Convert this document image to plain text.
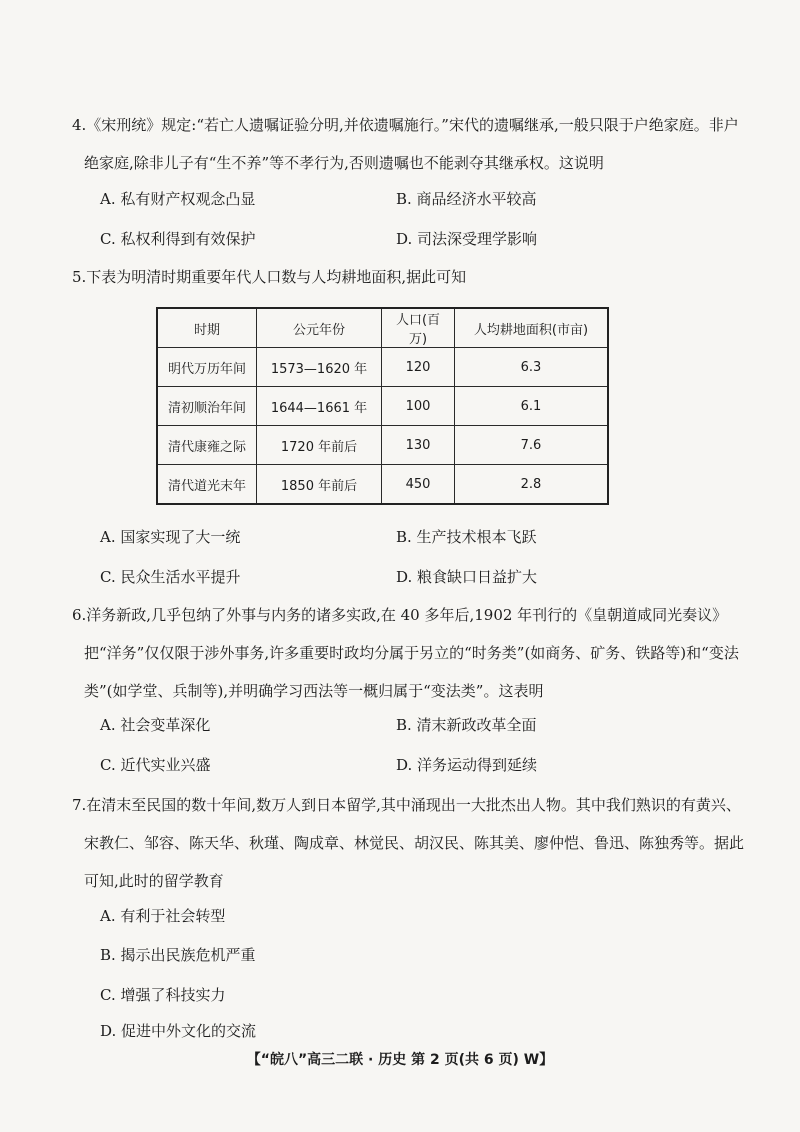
4.《宋刑统》规定:“若亡人遗嘱证验分明,并依遗嘱施行。”宋代的遗嘱继承,一般只限于户绝家庭。非户绝家庭,除非儿子有“生不养”等不孝行为,否则遗嘱也不能剥夺其继承权。这说明
A. 私有财产权观念凸显	B. 商品经济水平较高
C. 私权利得到有效保护	D. 司法深受理学影响
5.下表为明清时期重要年代人口数与人均耕地面积,据此可知
时期	公元年份	人口(百万)	人均耕地面积(市亩)
明代万历年间	1573—1620 年	120	6.3
清初顺治年间	1644—1661 年	100	6.1
清代康雍之际	1720 年前后	130	7.6
清代道光末年	1850 年前后	450	2.8
A. 国家实现了大一统	B. 生产技术根本飞跃
C. 民众生活水平提升	D. 粮食缺口日益扩大
6.洋务新政,几乎包纳了外事与内务的诸多实政,在 40 多年后,1902 年刊行的《皇朝道咸同光奏议》把“洋务”仅仅限于涉外事务,许多重要时政均分属于另立的“时务类”(如商务、矿务、铁路等)和“变法类”(如学堂、兵制等),并明确学习西法等一概归属于“变法类”。这表明
A. 社会变革深化	B. 清末新政改革全面
C. 近代实业兴盛	D. 洋务运动得到延续
7.在清末至民国的数十年间,数万人到日本留学,其中涌现出一大批杰出人物。其中我们熟识的有黄兴、宋教仁、邹容、陈天华、秋瑾、陶成章、林觉民、胡汉民、陈其美、廖仲恺、鲁迅、陈独秀等。据此可知,此时的留学教育
A. 有利于社会转型
B. 揭示出民族危机严重
C. 增强了科技实力
D. 促进中外文化的交流
【“皖八”高三二联 · 历史 第 2 页(共 6 页) W】
